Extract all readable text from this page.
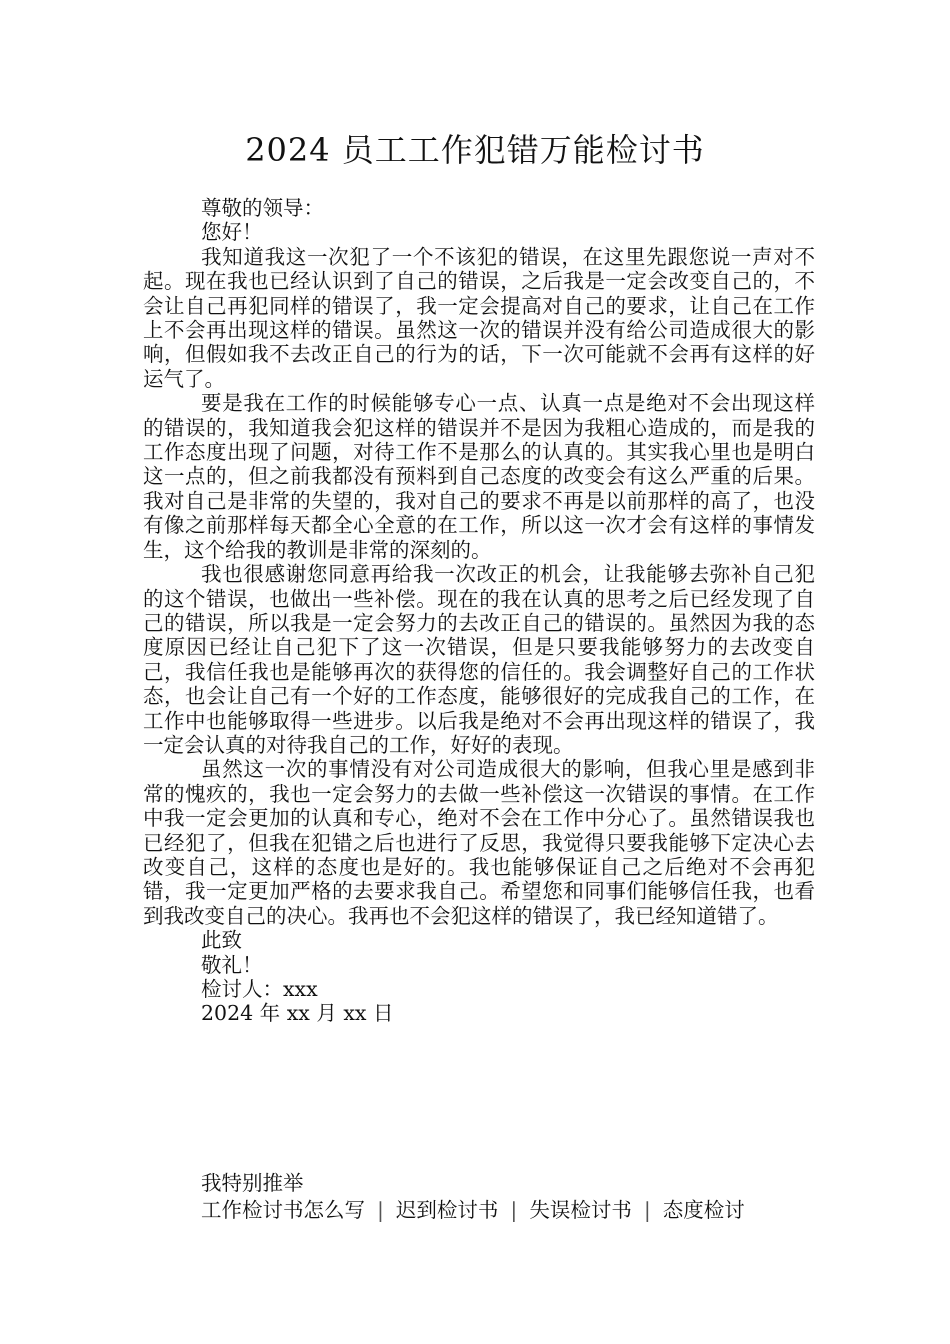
2024 员工工作犯错万能检讨书

尊敬的领导：

您好！

我知道我这一次犯了一个不该犯的错误，在这里先跟您说一声对不起。现在我也已经认识到了自己的错误，之后我是一定会改变自己的，不会让自己再犯同样的错误了，我一定会提高对自己的要求，让自己在工作上不会再出现这样的错误。虽然这一次的错误并没有给公司造成很大的影响，但假如我不去改正自己的行为的话，下一次可能就不会再有这样的好运气了。

要是我在工作的时候能够专心一点、认真一点是绝对不会出现这样的错误的，我知道我会犯这样的错误并不是因为我粗心造成的，而是我的工作态度出现了问题，对待工作不是那么的认真的。其实我心里也是明白这一点的，但之前我都没有预料到自己态度的改变会有这么严重的后果。我对自己是非常的失望的，我对自己的要求不再是以前那样的高了，也没有像之前那样每天都全心全意的在工作，所以这一次才会有这样的事情发生，这个给我的教训是非常的深刻的。

我也很感谢您同意再给我一次改正的机会，让我能够去弥补自己犯的这个错误，也做出一些补偿。现在的我在认真的思考之后已经发现了自己的错误，所以我是一定会努力的去改正自己的错误的。虽然因为我的态度原因已经让自己犯下了这一次错误，但是只要我能够努力的去改变自己，我信任我也是能够再次的获得您的信任的。我会调整好自己的工作状态，也会让自己有一个好的工作态度，能够很好的完成我自己的工作，在工作中也能够取得一些进步。以后我是绝对不会再出现这样的错误了，我一定会认真的对待我自己的工作，好好的表现。

虽然这一次的事情没有对公司造成很大的影响，但我心里是感到非常的愧疚的，我也一定会努力的去做一些补偿这一次错误的事情。在工作中我一定会更加的认真和专心，绝对不会在工作中分心了。虽然错误我也已经犯了，但我在犯错之后也进行了反思，我觉得只要我能够下定决心去改变自己，这样的态度也是好的。我也能够保证自己之后绝对不会再犯错，我一定更加严格的去要求我自己。希望您和同事们能够信任我，也看到我改变自己的决心。我再也不会犯这样的错误了，我已经知道错了。

此致

敬礼！

检讨人：xxx

2024 年 xx 月 xx 日

我特别推举

工作检讨书怎么写 | 迟到检讨书 | 失误检讨书 | 态度检讨
